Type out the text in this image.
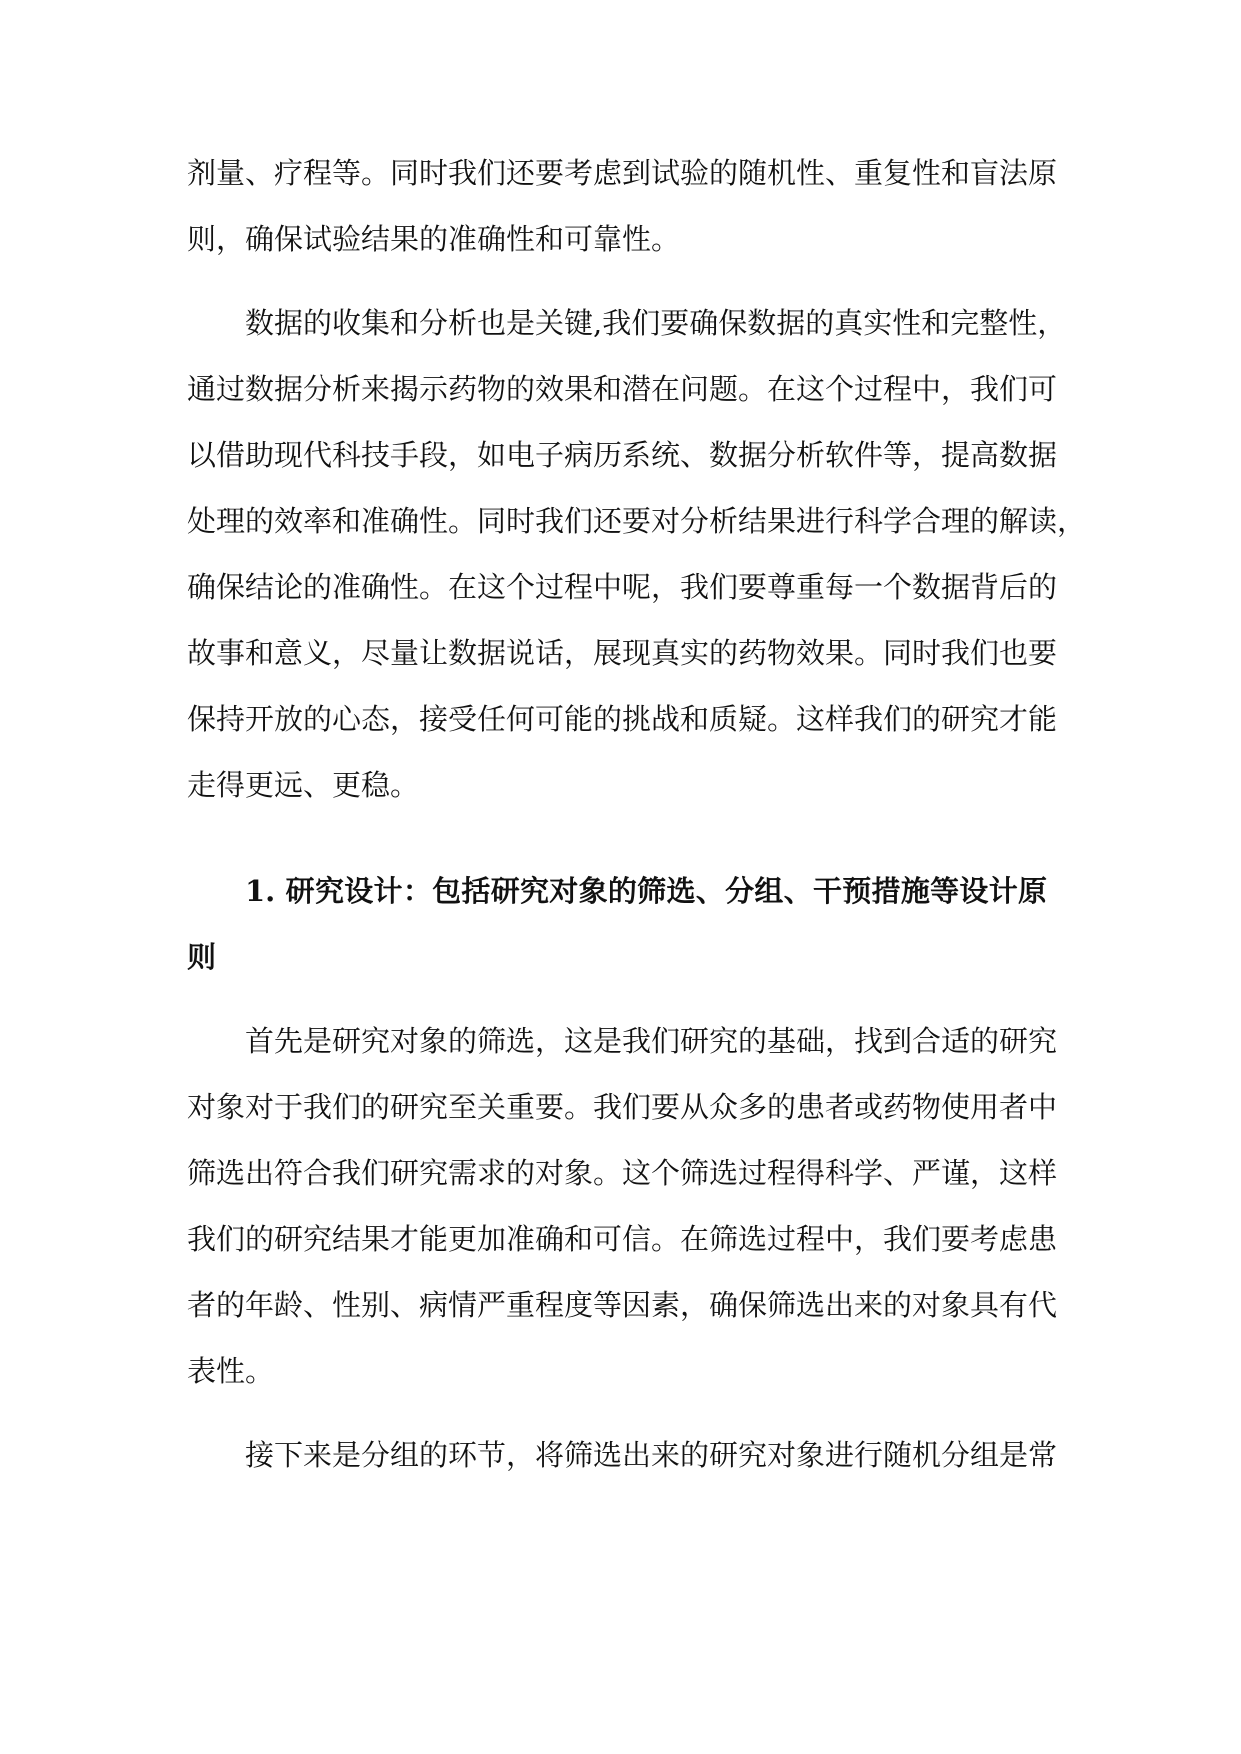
剂量、疗程等。同时我们还要考虑到试验的随机性、重复性和盲法原
则，确保试验结果的准确性和可靠性。
数据的收集和分析也是关键,我们要确保数据的真实性和完整性，
通过数据分析来揭示药物的效果和潜在问题。在这个过程中，我们可
以借助现代科技手段，如电子病历系统、数据分析软件等，提高数据
处理的效率和准确性。同时我们还要对分析结果进行科学合理的解读，
确保结论的准确性。在这个过程中呢，我们要尊重每一个数据背后的
故事和意义，尽量让数据说话，展现真实的药物效果。同时我们也要
保持开放的心态，接受任何可能的挑战和质疑。这样我们的研究才能
走得更远、更稳。
1. 研究设计：包括研究对象的筛选、分组、干预措施等设计原
则
首先是研究对象的筛选，这是我们研究的基础，找到合适的研究
对象对于我们的研究至关重要。我们要从众多的患者或药物使用者中
筛选出符合我们研究需求的对象。这个筛选过程得科学、严谨，这样
我们的研究结果才能更加准确和可信。在筛选过程中，我们要考虑患
者的年龄、性别、病情严重程度等因素，确保筛选出来的对象具有代
表性。
接下来是分组的环节，将筛选出来的研究对象进行随机分组是常
